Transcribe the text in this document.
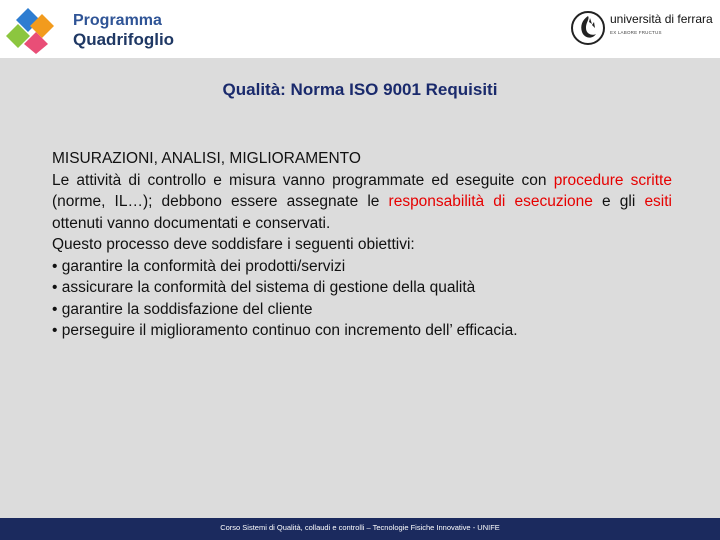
Programma
Quadrifoglio
università di ferrara
EX LABORE FRUCTUS
Qualità: Norma ISO 9001 Requisiti

MISURAZIONI, ANALISI, MIGLIORAMENTO

Le attività di controllo e misura vanno programmate ed eseguite con procedure scritte (norme, IL…); debbono essere assegnate le responsabilità di esecuzione e gli esiti ottenuti vanno documentati e conservati.

Questo processo deve soddisfare i seguenti obiettivi:

• garantire la conformità dei prodotti/servizi

• assicurare la conformità del sistema di gestione della qualità

• garantire la soddisfazione del cliente

• perseguire il miglioramento continuo con incremento dell’ efficacia.

Corso Sistemi di Qualità, collaudi e controlli – Tecnologie Fisiche Innovative - UNIFE
